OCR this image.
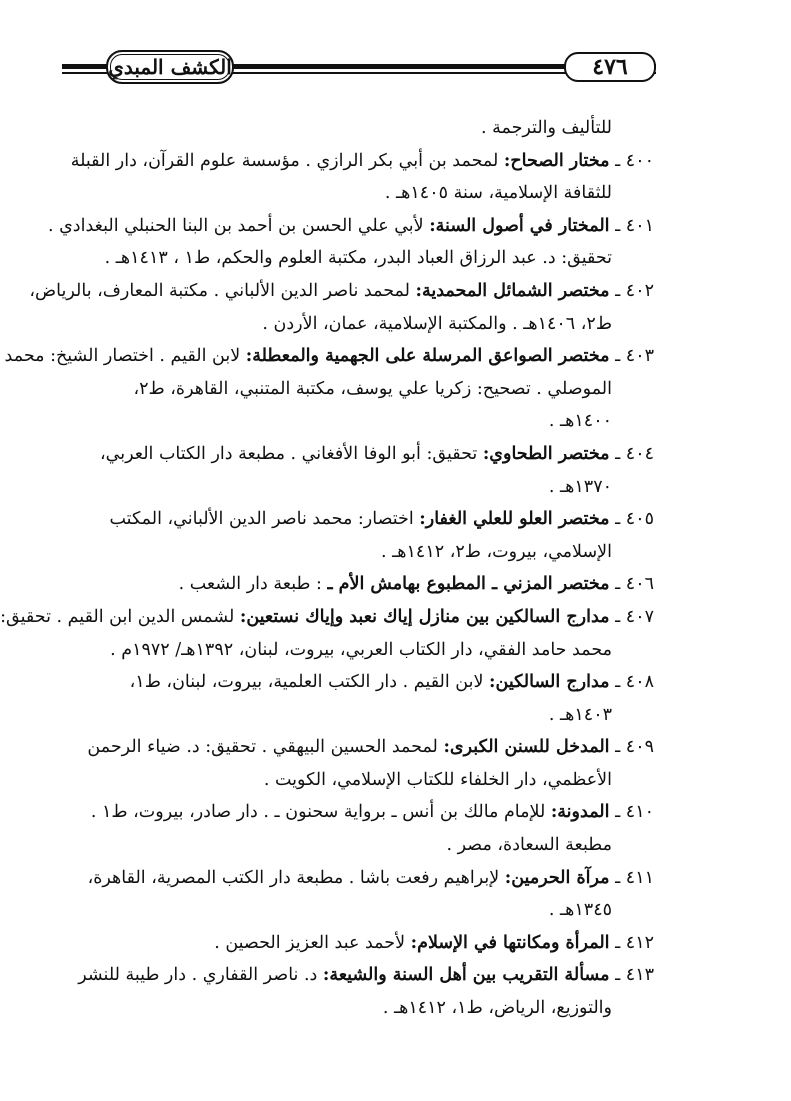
الكشف المبدي	٤٧٦
للتأليف والترجمة .
٤٠٠ ـ مختار الصحاح: لمحمد بن أبي بكر الرازي . مؤسسة علوم القرآن، دار القبلة
للثقافة الإسلامية، سنة ١٤٠٥هـ .
٤٠١ ـ المختار في أصول السنة: لأبي علي الحسن بن أحمد بن البنا الحنبلي البغدادي .
تحقيق: د. عبد الرزاق العباد البدر، مكتبة العلوم والحكم، ط١ ، ١٤١٣هـ .
٤٠٢ ـ مختصر الشمائل المحمدية: لمحمد ناصر الدين الألباني . مكتبة المعارف، بالرياض،
ط٢، ١٤٠٦هـ . والمكتبة الإسلامية، عمان، الأردن .
٤٠٣ ـ مختصر الصواعق المرسلة على الجهمية والمعطلة: لابن القيم . اختصار الشيخ: محمد
الموصلي . تصحيح: زكريا علي يوسف، مكتبة المتنبي، القاهرة، ط٢،
١٤٠٠هـ .
٤٠٤ ـ مختصر الطحاوي: تحقيق: أبو الوفا الأفغاني . مطبعة دار الكتاب العربي،
١٣٧٠هـ .
٤٠٥ ـ مختصر العلو للعلي الغفار: اختصار: محمد ناصر الدين الألباني، المكتب
الإسلامي، بيروت، ط٢، ١٤١٢هـ .
٤٠٦ ـ مختصر المزني ـ المطبوع بهامش الأم ـ : طبعة دار الشعب .
٤٠٧ ـ مدارج السالكين بين منازل إياك نعبد وإياك نستعين: لشمس الدين ابن القيم . تحقيق:
محمد حامد الفقي، دار الكتاب العربي، بيروت، لبنان، ١٣٩٢هـ/ ١٩٧٢م .
٤٠٨ ـ مدارج السالكين: لابن القيم . دار الكتب العلمية، بيروت، لبنان، ط١،
١٤٠٣هـ .
٤٠٩ ـ المدخل للسنن الكبرى: لمحمد الحسين البيهقي . تحقيق: د. ضياء الرحمن
الأعظمي، دار الخلفاء للكتاب الإسلامي، الكويت .
٤١٠ ـ المدونة: للإمام مالك بن أنس ـ برواية سحنون ـ . دار صادر، بيروت، ط١ .
مطبعة السعادة، مصر .
٤١١ ـ مرآة الحرمين: لإبراهيم رفعت باشا . مطبعة دار الكتب المصرية، القاهرة،
١٣٤٥هـ .
٤١٢ ـ المرأة ومكانتها في الإسلام: لأحمد عبد العزيز الحصين .
٤١٣ ـ مسألة التقريب بين أهل السنة والشيعة: د. ناصر القفاري . دار طيبة للنشر
والتوزيع، الرياض، ط١، ١٤١٢هـ .
